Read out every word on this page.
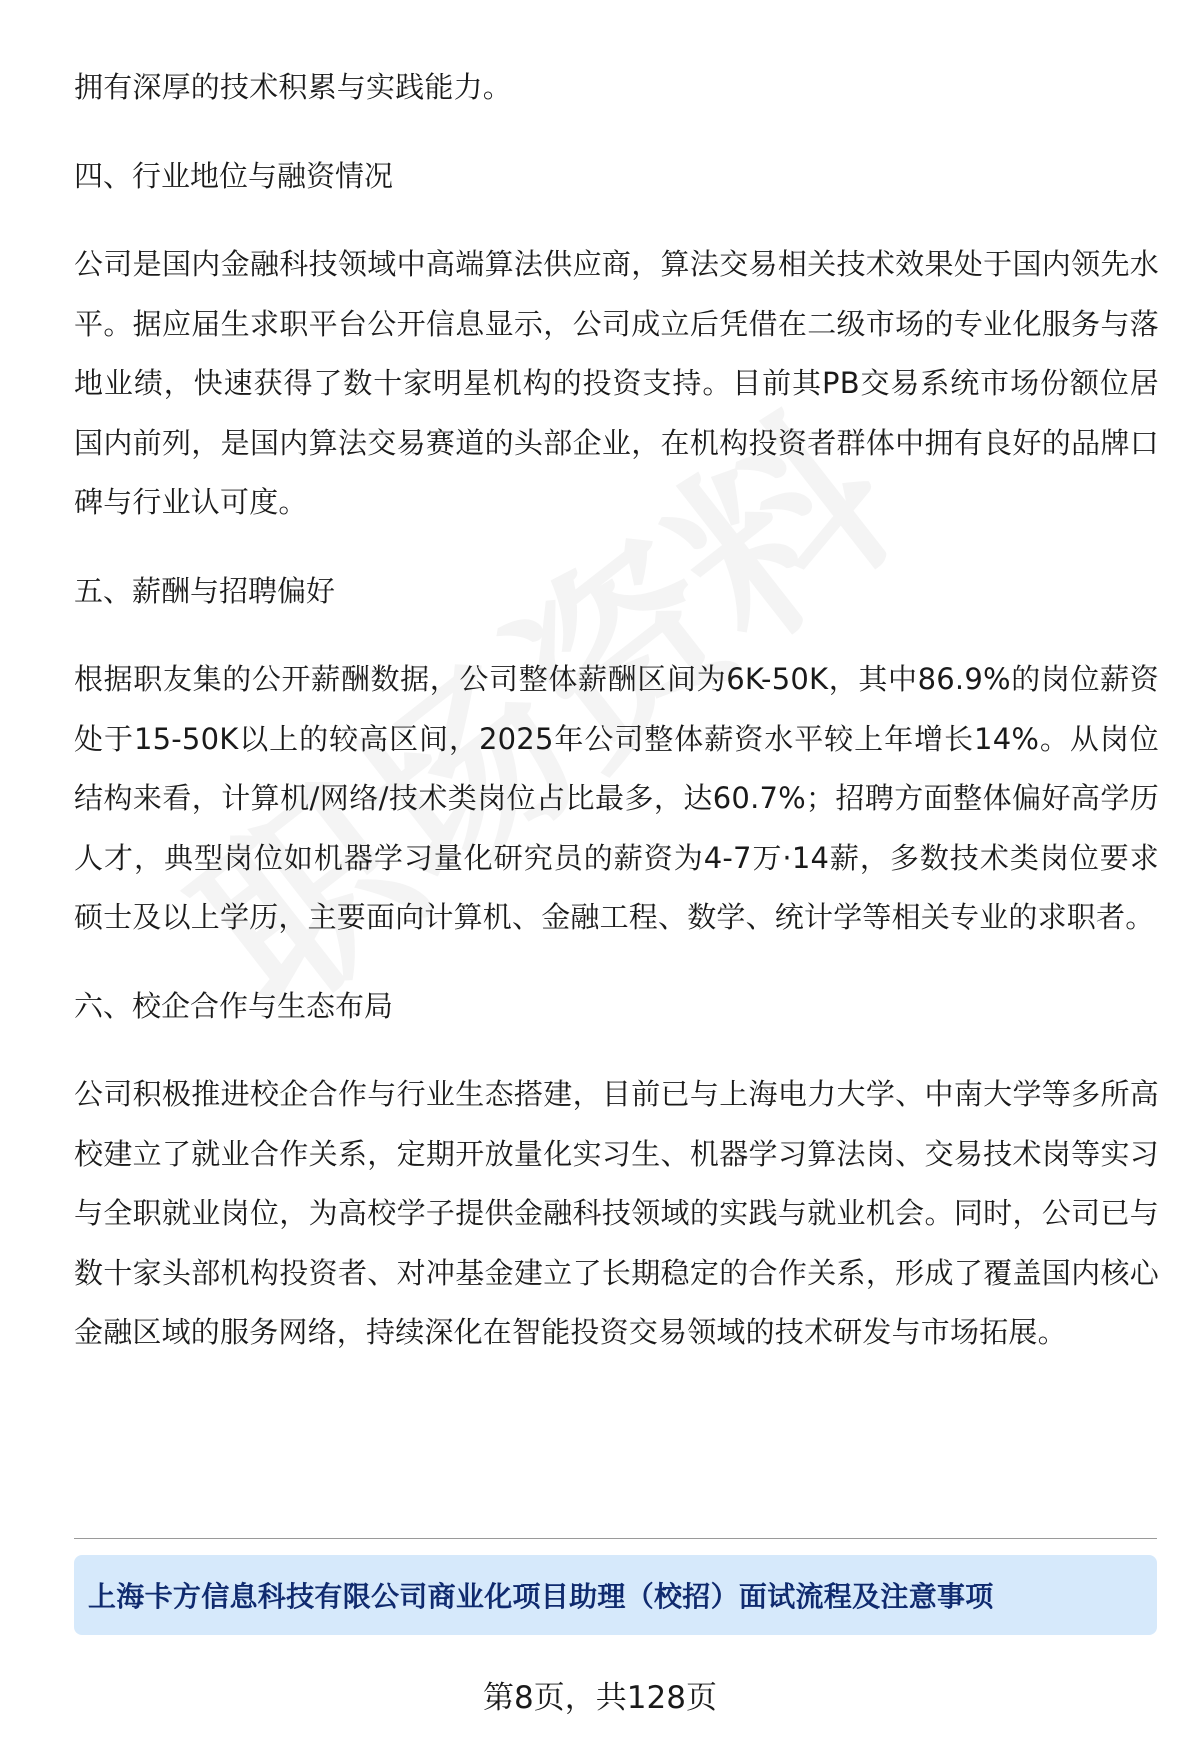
拥有深厚的技术积累与实践能力。

四、行业地位与融资情况

公司是国内金融科技领域中高端算法供应商，算法交易相关技术效果处于国内领先水平。据应届生求职平台公开信息显示，公司成立后凭借在二级市场的专业化服务与落地业绩，快速获得了数十家明星机构的投资支持。目前其PB交易系统市场份额位居国内前列，是国内算法交易赛道的头部企业，在机构投资者群体中拥有良好的品牌口碑与行业认可度。

五、薪酬与招聘偏好

根据职友集的公开薪酬数据，公司整体薪酬区间为6K-50K，其中86.9%的岗位薪资处于15-50K以上的较高区间，2025年公司整体薪资水平较上年增长14%。从岗位结构来看，计算机/网络/技术类岗位占比最多，达60.7%；招聘方面整体偏好高学历人才，典型岗位如机器学习量化研究员的薪资为4-7万·14薪，多数技术类岗位要求硕士及以上学历，主要面向计算机、金融工程、数学、统计学等相关专业的求职者。

六、校企合作与生态布局

公司积极推进校企合作与行业生态搭建，目前已与上海电力大学、中南大学等多所高校建立了就业合作关系，定期开放量化实习生、机器学习算法岗、交易技术岗等实习与全职就业岗位，为高校学子提供金融科技领域的实践与就业机会。同时，公司已与数十家头部机构投资者、对冲基金建立了长期稳定的合作关系，形成了覆盖国内核心金融区域的服务网络，持续深化在智能投资交易领域的技术研发与市场拓展。

上海卡方信息科技有限公司商业化项目助理（校招）面试流程及注意事项
第8页，共128页
